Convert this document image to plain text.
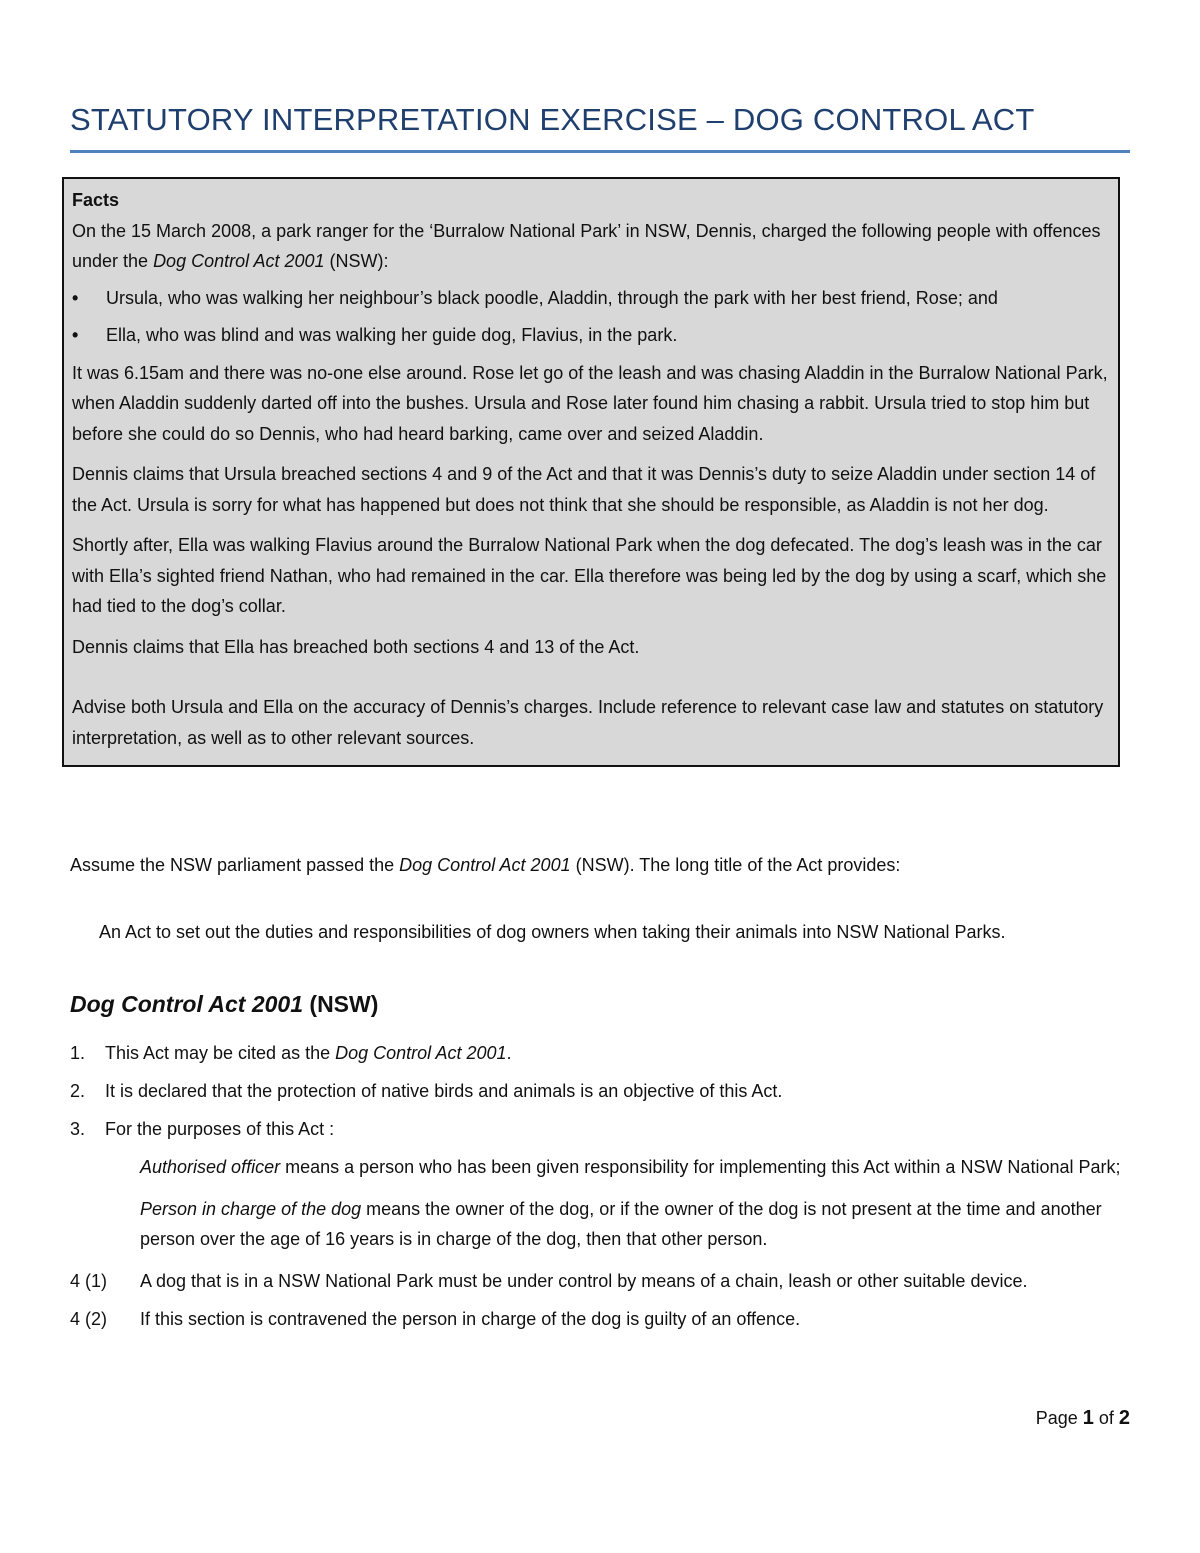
STATUTORY INTERPRETATION EXERCISE – DOG CONTROL ACT
Facts

On the 15 March 2008, a park ranger for the ‘Burralow National Park’ in NSW, Dennis, charged the following people with offences under the Dog Control Act 2001 (NSW):

• Ursula, who was walking her neighbour’s black poodle, Aladdin, through the park with her best friend, Rose; and
• Ella, who was blind and was walking her guide dog, Flavius, in the park.

It was 6.15am and there was no-one else around. Rose let go of the leash and was chasing Aladdin in the Burralow National Park, when Aladdin suddenly darted off into the bushes. Ursula and Rose later found him chasing a rabbit. Ursula tried to stop him but before she could do so Dennis, who had heard barking, came over and seized Aladdin.

Dennis claims that Ursula breached sections 4 and 9 of the Act and that it was Dennis’s duty to seize Aladdin under section 14 of the Act. Ursula is sorry for what has happened but does not think that she should be responsible, as Aladdin is not her dog.

Shortly after, Ella was walking Flavius around the Burralow National Park when the dog defecated. The dog’s leash was in the car with Ella’s sighted friend Nathan, who had remained in the car. Ella therefore was being led by the dog by using a scarf, which she had tied to the dog’s collar.

Dennis claims that Ella has breached both sections 4 and 13 of the Act.

Advise both Ursula and Ella on the accuracy of Dennis’s charges. Include reference to relevant case law and statutes on statutory interpretation, as well as to other relevant sources.

Assume the NSW parliament passed the Dog Control Act 2001 (NSW). The long title of the Act provides:

An Act to set out the duties and responsibilities of dog owners when taking their animals into NSW National Parks.

Dog Control Act 2001 (NSW)
1.	This Act may be cited as the Dog Control Act 2001.
2.	It is declared that the protection of native birds and animals is an objective of this Act.
3.	For the purposes of this Act :
Authorised officer means a person who has been given responsibility for implementing this Act within a NSW National Park;
Person in charge of the dog means the owner of the dog, or if the owner of the dog is not present at the time and another person over the age of 16 years is in charge of the dog, then that other person.
4 (1)	A dog that is in a NSW National Park must be under control by means of a chain, leash or other suitable device.
4 (2)	If this section is contravened the person in charge of the dog is guilty of an offence.

Page 1 of 2
